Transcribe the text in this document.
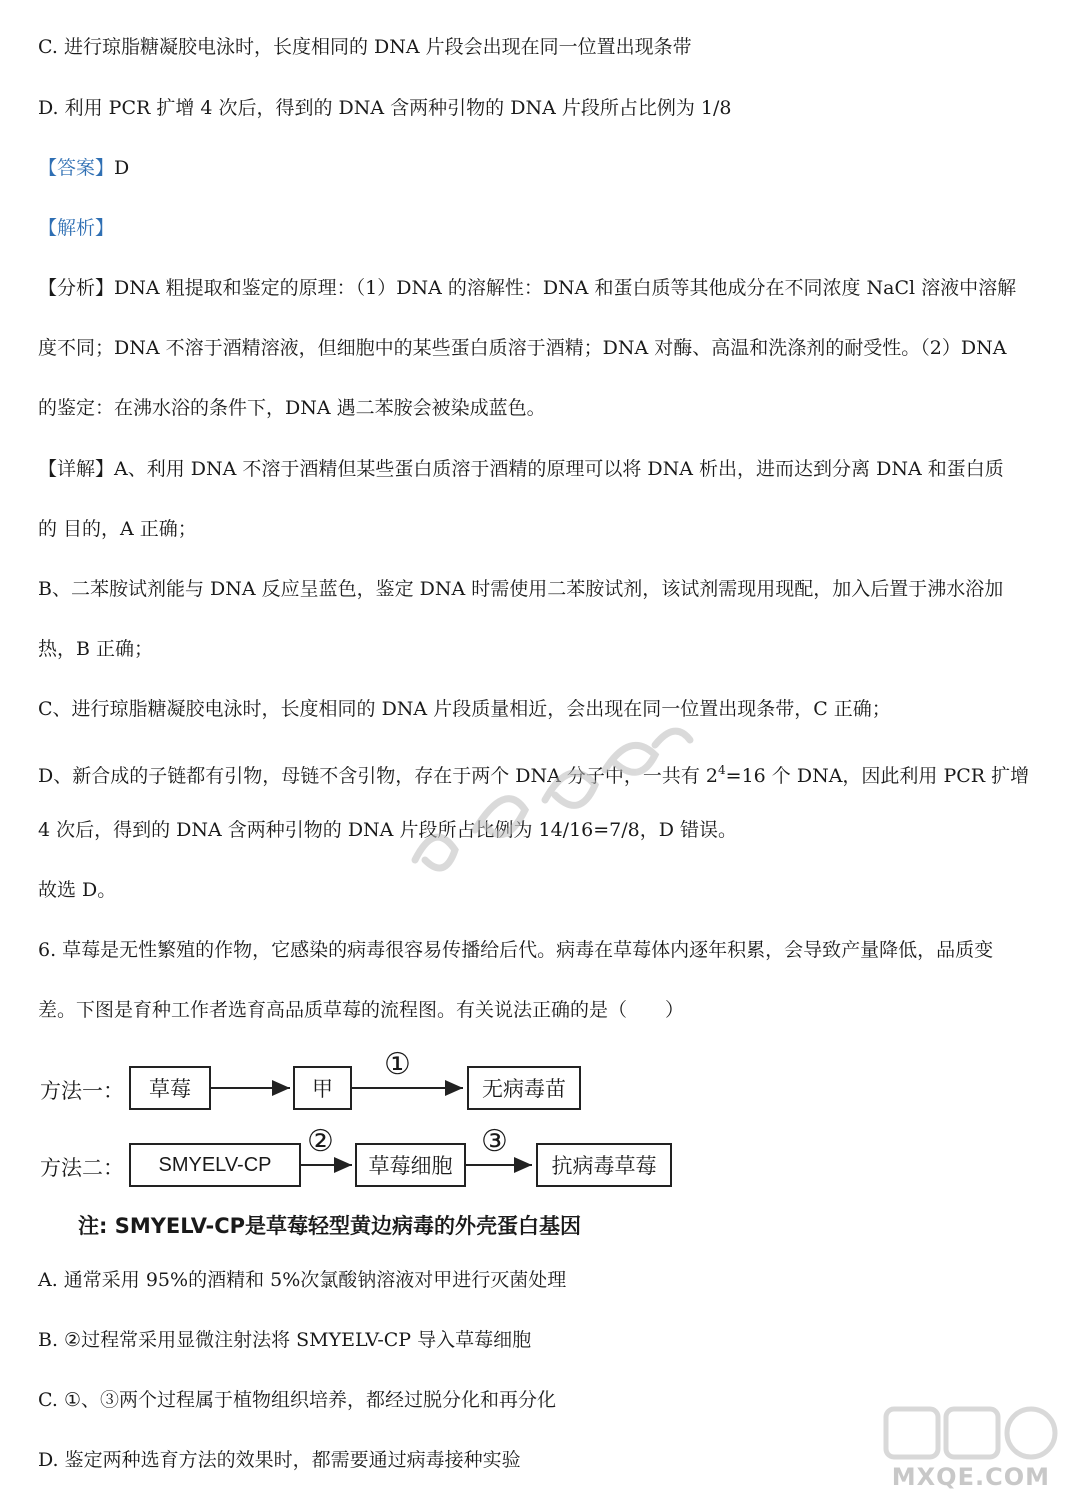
C. 进行琼脂糖凝胶电泳时，长度相同的 DNA 片段会出现在同一位置出现条带
D. 利用 PCR 扩增 4 次后，得到的 DNA 含两种引物的 DNA 片段所占比例为 1/8
【答案】D
【解析】
【分析】DNA 粗提取和鉴定的原理：（1）DNA 的溶解性：DNA 和蛋白质等其他成分在不同浓度 NaCl 溶液中溶解
度不同；DNA 不溶于酒精溶液，但细胞中的某些蛋白质溶于酒精；DNA 对酶、高温和洗涤剂的耐受性。（2）DNA
的鉴定：在沸水浴的条件下，DNA 遇二苯胺会被染成蓝色。
【详解】A、利用 DNA 不溶于酒精但某些蛋白质溶于酒精的原理可以将 DNA 析出，进而达到分离 DNA 和蛋白质
的 目的，A 正确；
B、二苯胺试剂能与 DNA 反应呈蓝色，鉴定 DNA 时需使用二苯胺试剂，该试剂需现用现配，加入后置于沸水浴加
热，B 正确；
C、进行琼脂糖凝胶电泳时，长度相同的 DNA 片段质量相近，会出现在同一位置出现条带，C 正确；
D、新合成的子链都有引物，母链不含引物，存在于两个 DNA 分子中，一共有 $2^4=16$ 个 DNA，因此利用 PCR 扩增
4 次后，得到的 DNA 含两种引物的 DNA 片段所占比例为 14/16=7/8，D 错误。
故选 D。
6. 草莓是无性繁殖的作物，它感染的病毒很容易传播给后代。病毒在草莓体内逐年积累，会导致产量降低，品质变
差。下图是育种工作者选育高品质草莓的流程图。有关说法正确的是（　　）
方法一：	草莓	甲
①
无病毒苗
方法二：	SMYELV-CP
②
草莓细胞
③
抗病毒草莓
注: SMYELV-CP是草莓轻型黄边病毒的外壳蛋白基因
A. 通常采用 95%的酒精和 5%次氯酸钠溶液对甲进行灭菌处理
B. ②过程常采用显微注射法将 SMYELV-CP 导入草莓细胞
C. ①、③两个过程属于植物组织培养，都经过脱分化和再分化
D. 鉴定两种选育方法的效果时，都需要通过病毒接种实验
MXQE.COM
